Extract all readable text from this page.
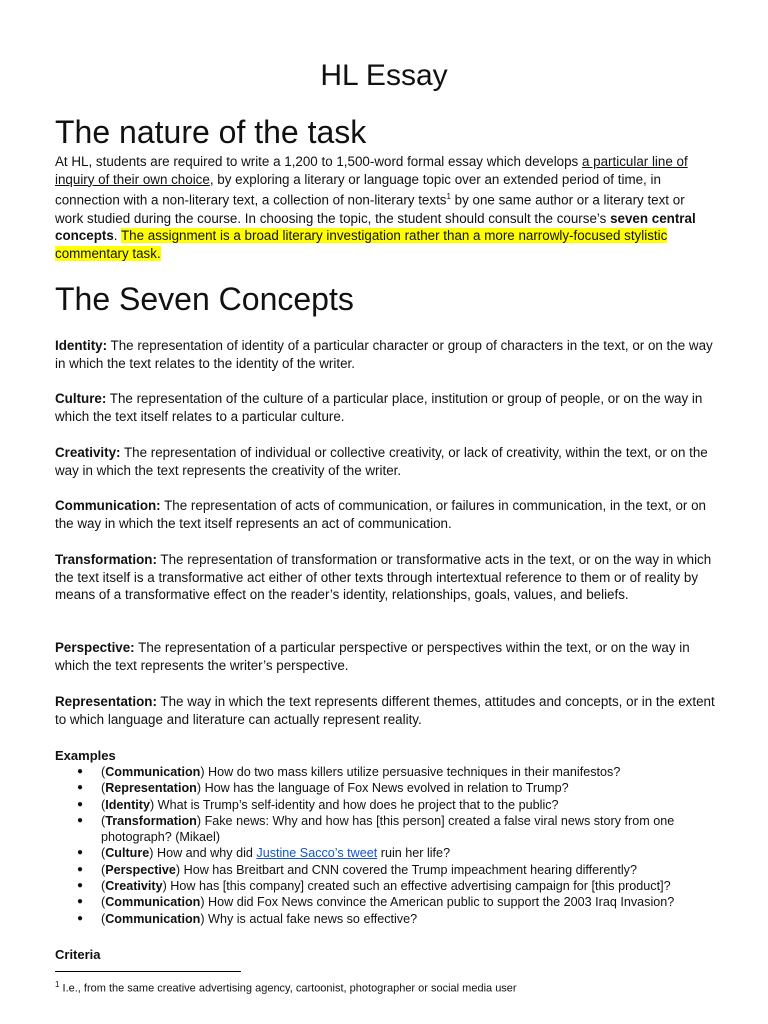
HL Essay
The nature of the task
At HL, students are required to write a 1,200 to 1,500-word formal essay which develops a particular line of inquiry of their own choice, by exploring a literary or language topic over an extended period of time, in connection with a non-literary text, a collection of non-literary texts$^1$ by one same author or a literary text or work studied during the course. In choosing the topic, the student should consult the course’s seven central concepts. The assignment is a broad literary investigation rather than a more narrowly-focused stylistic commentary task.
The Seven Concepts
Identity: The representation of identity of a particular character or group of characters in the text, or on the way in which the text relates to the identity of the writer.
Culture: The representation of the culture of a particular place, institution or group of people, or on the way in which the text itself relates to a particular culture.
Creativity: The representation of individual or collective creativity, or lack of creativity, within the text, or on the way in which the text represents the creativity of the writer.
Communication: The representation of acts of communication, or failures in communication, in the text, or on the way in which the text itself represents an act of communication.
Transformation: The representation of transformation or transformative acts in the text, or on the way in which the text itself is a transformative act either of other texts through intertextual reference to them or of reality by means of a transformative effect on the reader’s identity, relationships, goals, values, and beliefs.
Perspective: The representation of a particular perspective or perspectives within the text, or on the way in which the text represents the writer’s perspective.
Representation: The way in which the text represents different themes, attitudes and concepts, or in the extent to which language and literature can actually represent reality.
Examples
● (Communication) How do two mass killers utilize persuasive techniques in their manifestos?
● (Representation) How has the language of Fox News evolved in relation to Trump?
● (Identity) What is Trump’s self-identity and how does he project that to the public?
● (Transformation) Fake news: Why and how has [this person] created a false viral news story from one photograph? (Mikael)
● (Culture) How and why did Justine Sacco’s tweet ruin her life?
● (Perspective) How has Breitbart and CNN covered the Trump impeachment hearing differently?
● (Creativity) How has [this company] created such an effective advertising campaign for [this product]?
● (Communication) How did Fox News convince the American public to support the 2003 Iraq Invasion?
● (Communication) Why is actual fake news so effective?
Criteria
$^1$ I.e., from the same creative advertising agency, cartoonist, photographer or social media user
